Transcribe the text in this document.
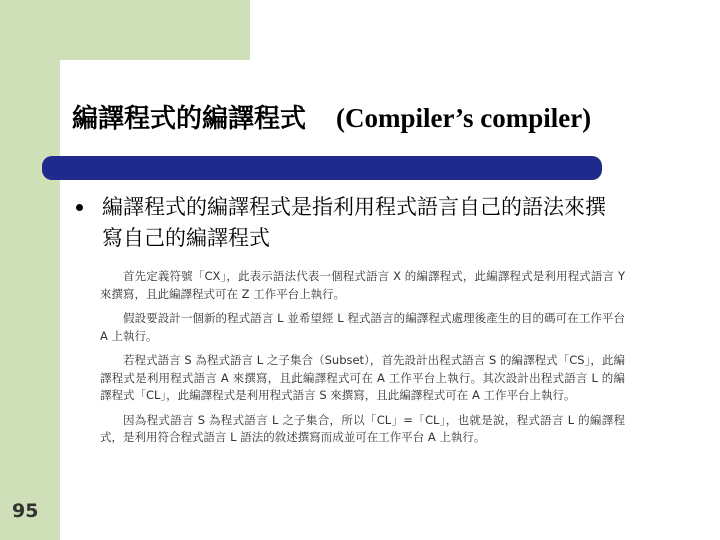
編譯程式的編譯程式 (Compiler’s compiler)
編譯程式的編譯程式是指利用程式語言自己的語法來撰寫自己的編譯程式

首先定義符號「CX」，此表示語法代表一個程式語言 X 的編譯程式，此編譯程式是利用程式語言 Y 來撰寫，且此編譯程式可在 Z 工作平台上執行。

假設要設計一個新的程式語言 L 並希望經 L 程式語言的編譯程式處理後產生的目的碼可在工作平台 A 上執行。

若程式語言 S 為程式語言 L 之子集合（Subset），首先設計出程式語言 S 的編譯程式「CS」，此編譯程式是利用程式語言 A 來撰寫，且此編譯程式可在 A 工作平台上執行。其次設計出程式語言 L 的編譯程式「CL」，此編譯程式是利用程式語言 S 來撰寫，且此編譯程式可在 A 工作平台上執行。

因為程式語言 S 為程式語言 L 之子集合，所以「CL」=「CL」，也就是說，程式語言 L 的編譯程式，是利用符合程式語言 L 語法的敘述撰寫而成並可在工作平台 A 上執行。

95
